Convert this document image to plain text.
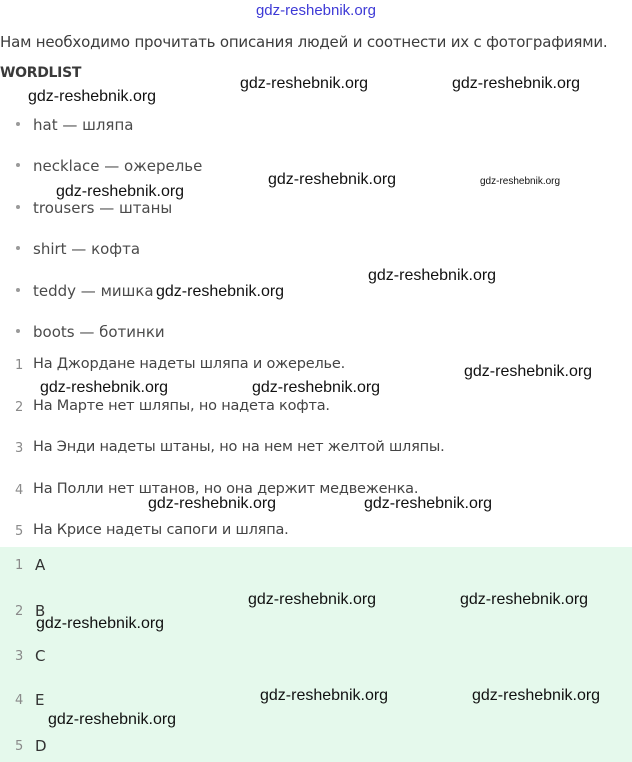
gdz-reshebnik.org
Нам необходимо прочитать описания людей и соотнести их с фотографиями.
WORDLIST
hat — шляпа
necklace — ожерелье
trousers — штаны
shirt — кофта
teddy — мишка
boots — ботинки
1 На Джордане надеты шляпа и ожерелье.
2 На Марте нет шляпы, но надета кофта.
3 На Энди надеты штаны, но на нем нет желтой шляпы.
4 На Полли нет штанов, но она держит медвеженка.
5 На Крисе надеты сапоги и шляпа.
1 A
2 B
3 C
4 E
5 D
gdz-reshebnik.org
gdz-reshebnik.org	gdz-reshebnik.org
gdz-reshebnik.org
gdz-reshebnik.org	gdz-reshebnik.org
gdz-reshebnik.org
gdz-reshebnik.org
gdz-reshebnik.org	gdz-reshebnik.org
gdz-reshebnik.org
gdz-reshebnik.org	gdz-reshebnik.org
gdz-reshebnik.org	gdz-reshebnik.org
gdz-reshebnik.org
gdz-reshebnik.org	gdz-reshebnik.org
gdz-reshebnik.org
